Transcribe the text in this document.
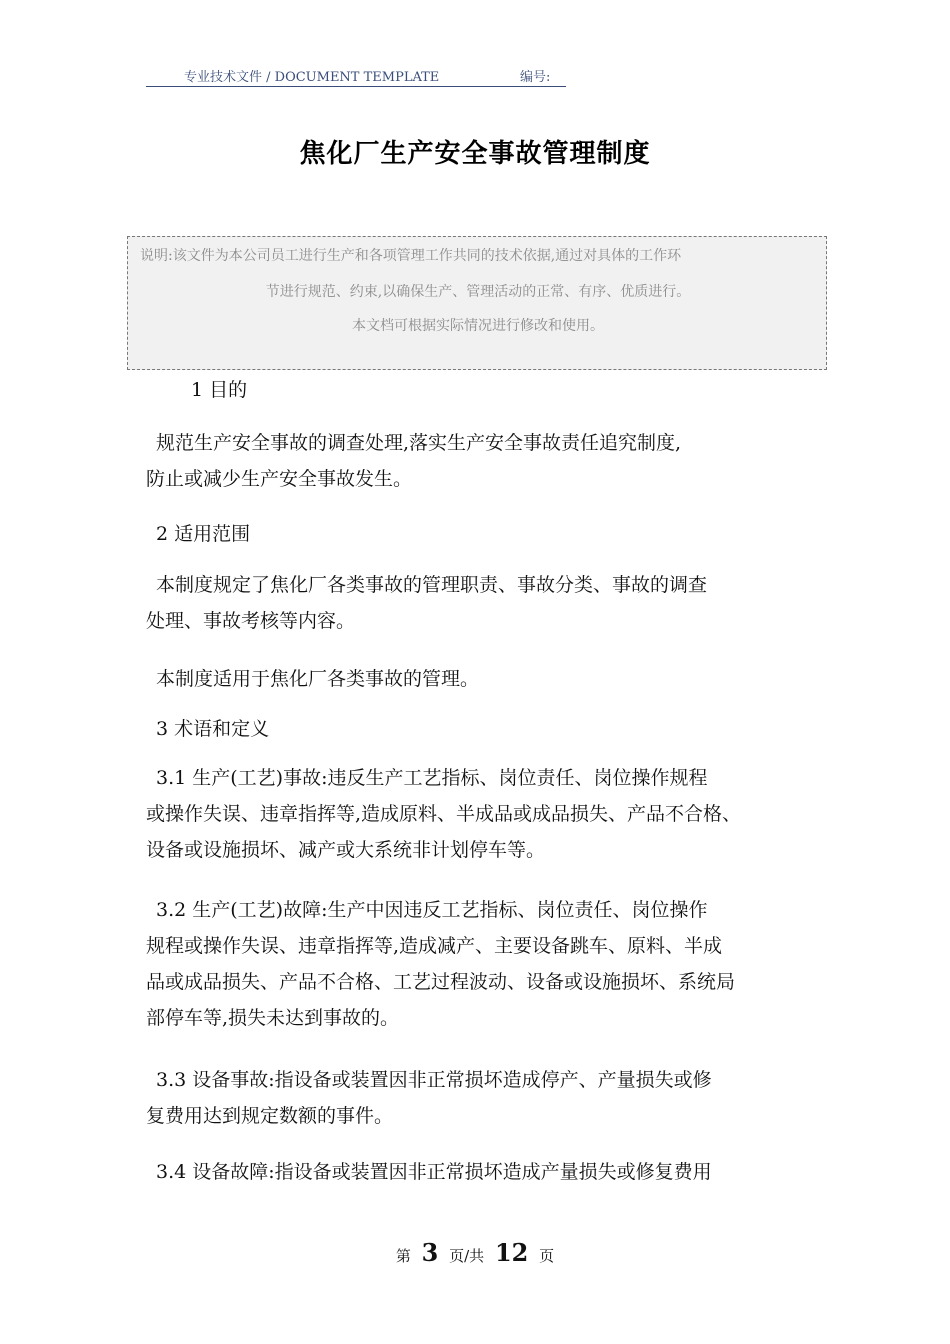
专业技术文件 / DOCUMENT TEMPLATE	编号:
焦化厂生产安全事故管理制度
说明:该文件为本公司员工进行生产和各项管理工作共同的技术依据,通过对具体的工作环
节进行规范、约束,以确保生产、管理活动的正常、有序、优质进行。
本文档可根据实际情况进行修改和使用。
1 目的
规范生产安全事故的调查处理,落实生产安全事故责任追究制度,
防止或减少生产安全事故发生。
2 适用范围
本制度规定了焦化厂各类事故的管理职责、事故分类、事故的调查
处理、事故考核等内容。
本制度适用于焦化厂各类事故的管理。
3 术语和定义
3.1 生产(工艺)事故:违反生产工艺指标、岗位责任、岗位操作规程
或操作失误、违章指挥等,造成原料、半成品或成品损失、产品不合格、
设备或设施损坏、减产或大系统非计划停车等。
3.2 生产(工艺)故障:生产中因违反工艺指标、岗位责任、岗位操作
规程或操作失误、违章指挥等,造成减产、主要设备跳车、原料、半成
品或成品损失、产品不合格、工艺过程波动、设备或设施损坏、系统局
部停车等,损失未达到事故的。
3.3 设备事故:指设备或装置因非正常损坏造成停产、产量损失或修
复费用达到规定数额的事件。
3.4 设备故障:指设备或装置因非正常损坏造成产量损失或修复费用
第 3 页/共 12 页
